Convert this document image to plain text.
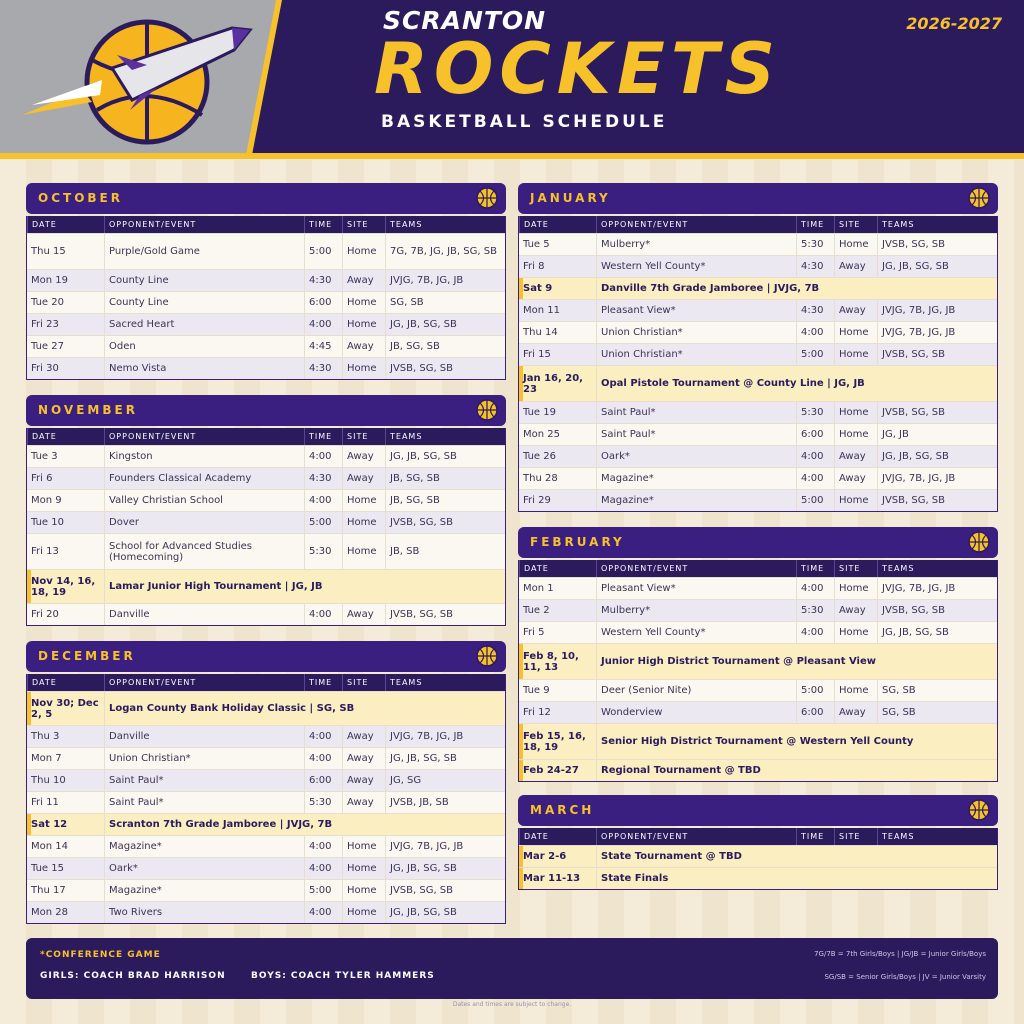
SCRANTON
ROCKETS
BASKETBALL SCHEDULE
2026-2027
OCTOBER
DATE	OPPONENT/EVENT	TIME	SITE	TEAMS
Thu 15	Purple/Gold Game	5:00	Home	7G, 7B, JG, JB, SG, SB
Mon 19	County Line	4:30	Away	JVJG, 7B, JG, JB
Tue 20	County Line	6:00	Home	SG, SB
Fri 23	Sacred Heart	4:00	Home	JG, JB, SG, SB
Tue 27	Oden	4:45	Away	JB, SG, SB
Fri 30	Nemo Vista	4:30	Home	JVSB, SG, SB
NOVEMBER
DATE	OPPONENT/EVENT	TIME	SITE	TEAMS
Tue 3	Kingston	4:00	Away	JG, JB, SG, SB
Fri 6	Founders Classical Academy	4:30	Away	JB, SG, SB
Mon 9	Valley Christian School	4:00	Home	JB, SG, SB
Tue 10	Dover	5:00	Home	JVSB, SG, SB
Fri 13	School for Advanced Studies (Homecoming)	5:30	Home	JB, SB
Nov 14, 16, 18, 19	Lamar Junior High Tournament | JG, JB
Fri 20	Danville	4:00	Away	JVSB, SG, SB
DECEMBER
DATE	OPPONENT/EVENT	TIME	SITE	TEAMS
Nov 30; Dec 2, 5	Logan County Bank Holiday Classic | SG, SB
Thu 3	Danville	4:00	Away	JVJG, 7B, JG, JB
Mon 7	Union Christian*	4:00	Away	JG, JB, SG, SB
Thu 10	Saint Paul*	6:00	Away	JG, SG
Fri 11	Saint Paul*	5:30	Away	JVSB, JB, SB
Sat 12	Scranton 7th Grade Jamboree | JVJG, 7B
Mon 14	Magazine*	4:00	Home	JVJG, 7B, JG, JB
Tue 15	Oark*	4:00	Home	JG, JB, SG, SB
Thu 17	Magazine*	5:00	Home	JVSB, SG, SB
Mon 28	Two Rivers	4:00	Home	JG, JB, SG, SB
JANUARY
DATE	OPPONENT/EVENT	TIME	SITE	TEAMS
Tue 5	Mulberry*	5:30	Home	JVSB, SG, SB
Fri 8	Western Yell County*	4:30	Away	JG, JB, SG, SB
Sat 9	Danville 7th Grade Jamboree | JVJG, 7B
Mon 11	Pleasant View*	4:30	Away	JVJG, 7B, JG, JB
Thu 14	Union Christian*	4:00	Home	JVJG, 7B, JG, JB
Fri 15	Union Christian*	5:00	Home	JVSB, SG, SB
Jan 16, 20, 23	Opal Pistole Tournament @ County Line | JG, JB
Tue 19	Saint Paul*	5:30	Home	JVSB, SG, SB
Mon 25	Saint Paul*	6:00	Home	JG, JB
Tue 26	Oark*	4:00	Away	JG, JB, SG, SB
Thu 28	Magazine*	4:00	Away	JVJG, 7B, JG, JB
Fri 29	Magazine*	5:00	Home	JVSB, SG, SB
FEBRUARY
DATE	OPPONENT/EVENT	TIME	SITE	TEAMS
Mon 1	Pleasant View*	4:00	Home	JVJG, 7B, JG, JB
Tue 2	Mulberry*	5:30	Away	JVSB, SG, SB
Fri 5	Western Yell County*	4:00	Home	JG, JB, SG, SB
Feb 8, 10, 11, 13	Junior High District Tournament @ Pleasant View
Tue 9	Deer (Senior Nite)	5:00	Home	SG, SB
Fri 12	Wonderview	6:00	Away	SG, SB
Feb 15, 16, 18, 19	Senior High District Tournament @ Western Yell County
Feb 24-27	Regional Tournament @ TBD
MARCH
DATE	OPPONENT/EVENT	TIME	SITE	TEAMS
Mar 2-6	State Tournament @ TBD
Mar 11-13	State Finals
*CONFERENCE GAME
GIRLS: COACH BRAD HARRISON	BOYS: COACH TYLER HAMMERS
7G/7B = 7th Girls/Boys | JG/JB = Junior Girls/Boys
SG/SB = Senior Girls/Boys | JV = Junior Varsity
Dates and times are subject to change.
